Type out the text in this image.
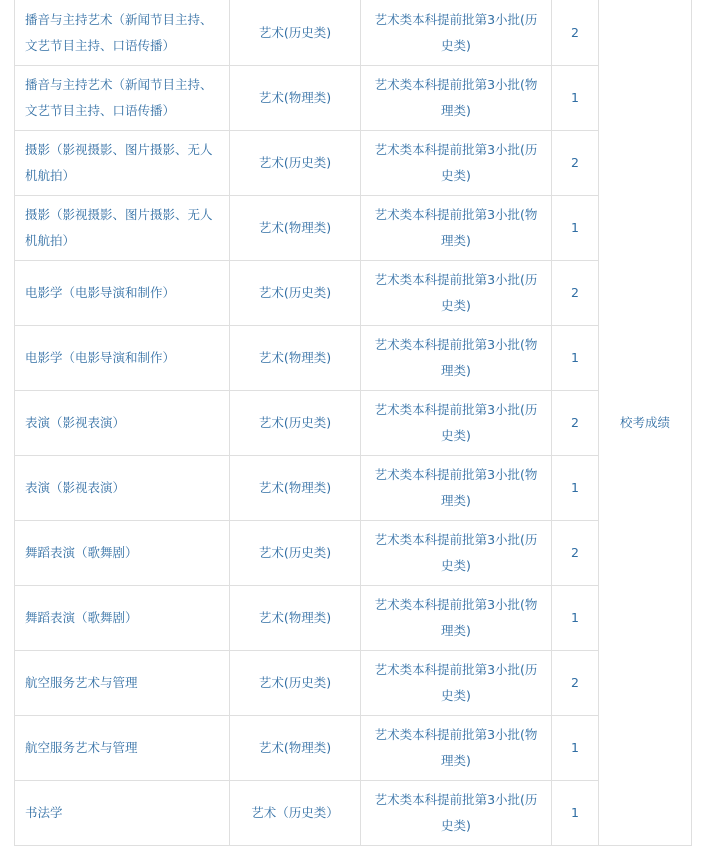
播音与主持艺术（新闻节目主持、文艺节目主持、口语传播）	艺术(历史类)	艺术类本科提前批第3小批(历史类)	2	校考成绩
播音与主持艺术（新闻节目主持、文艺节目主持、口语传播）	艺术(物理类)	艺术类本科提前批第3小批(物理类)	1	
摄影（影视摄影、图片摄影、无人机航拍）	艺术(历史类)	艺术类本科提前批第3小批(历史类)	2	
摄影（影视摄影、图片摄影、无人机航拍）	艺术(物理类)	艺术类本科提前批第3小批(物理类)	1	
电影学（电影导演和制作）	艺术(历史类)	艺术类本科提前批第3小批(历史类)	2	
电影学（电影导演和制作）	艺术(物理类)	艺术类本科提前批第3小批(物理类)	1	
表演（影视表演）	艺术(历史类)	艺术类本科提前批第3小批(历史类)	2	
表演（影视表演）	艺术(物理类)	艺术类本科提前批第3小批(物理类)	1	
舞蹈表演（歌舞剧）	艺术(历史类)	艺术类本科提前批第3小批(历史类)	2	
舞蹈表演（歌舞剧）	艺术(物理类)	艺术类本科提前批第3小批(物理类)	1	
航空服务艺术与管理	艺术(历史类)	艺术类本科提前批第3小批(历史类)	2	
航空服务艺术与管理	艺术(物理类)	艺术类本科提前批第3小批(物理类)	1	
书法学	艺术（历史类）	艺术类本科提前批第3小批(历史类)	1	
